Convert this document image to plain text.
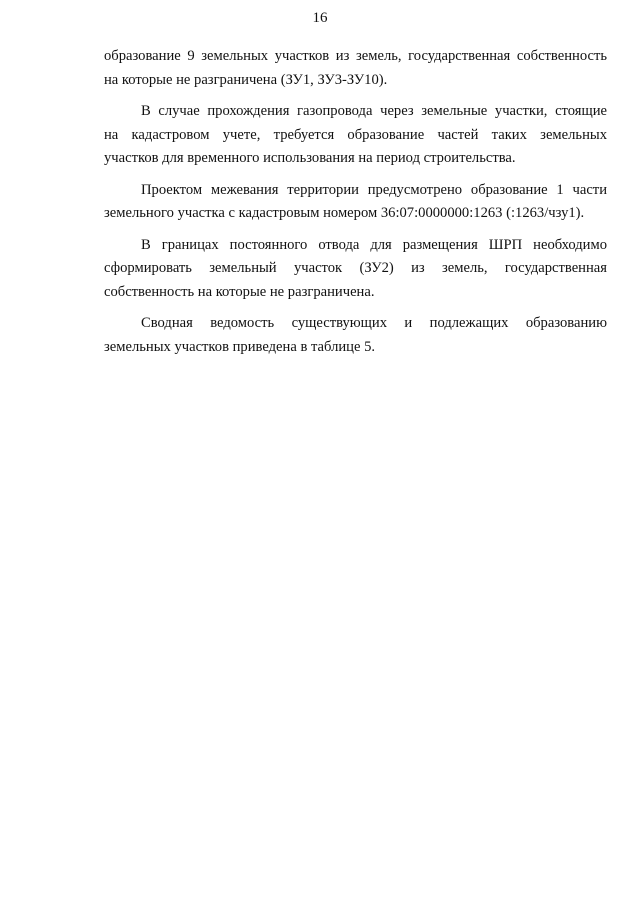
16

образование 9 земельных участков из земель, государственная собственность
на которые не разграничена (ЗУ1, ЗУ3-ЗУ10).

В случае прохождения газопровода через земельные участки, стоящие
на кадастровом учете, требуется образование частей таких земельных
участков для временного использования на период строительства.

Проектом межевания территории предусмотрено образование 1 части
земельного участка с кадастровым номером 36:07:0000000:1263 (:1263/чзу1).

В границах постоянного отвода для размещения ШРП необходимо
сформировать земельный участок (ЗУ2) из земель, государственная
собственность на которые не разграничена.

Сводная ведомость существующих и подлежащих образованию
земельных участков приведена в таблице 5.
